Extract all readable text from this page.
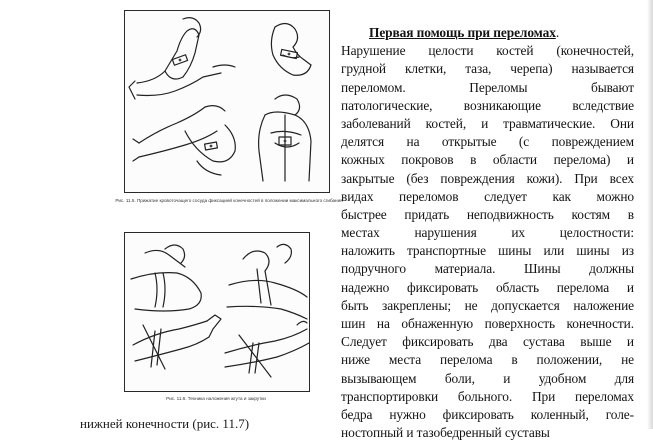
Рис. 11.5. Прижатие кровоточащего сосуда фиксацией конечностей в положении максимального сгибания
Рис. 11.6. Техника наложения жгута и закрутки
Первая помощь при переломах.
Нарушение целости костей (конечностей,
грудной клетки, таза, черепа) называется
переломом. Переломы бывают
патологические, возникающие вследствие
заболеваний костей, и травматические. Они
делятся на открытые (с повреждением
кожных покровов в области перелома) и
закрытые (без повреждения кожи). При всех
видах переломов следует как можно
быстрее придать неподвижность костям в
местах нарушения их целостности:
наложить транспортные шины или шины из
подручного материала. Шины должны
надежно фиксировать область перелома и
быть закреплены; не допускается наложение
шин на обнаженную поверхность конечности.
Следует фиксировать два сустава выше и
ниже места перелома в положении, не
вызывающем боли, и удобном для
транспортировки больного. При переломах
бедра нужно фиксировать коленный, голе-
ностопный и тазобедренный суставы
нижней конечности (рис. 11.7)
